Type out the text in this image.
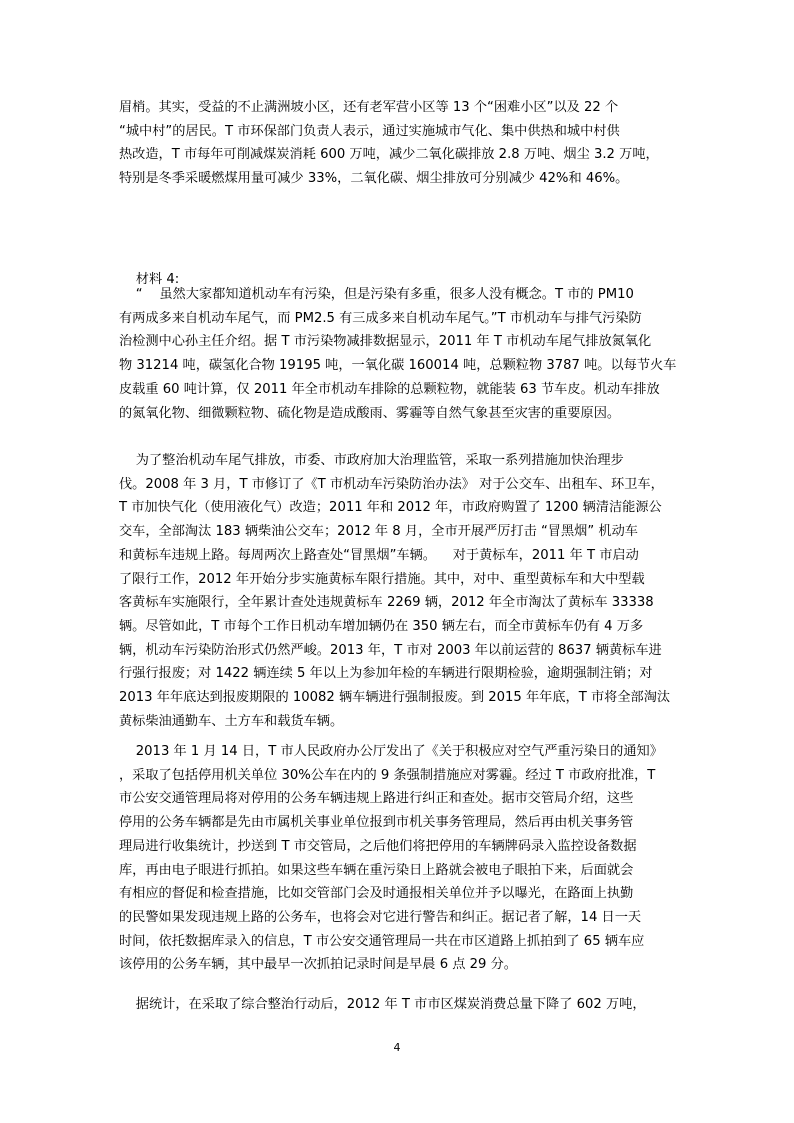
眉梢。其实，受益的不止满洲坡小区，还有老军营小区等 13 个“困难小区”以及 22 个
“城中村”的居民。T 市环保部门负责人表示，通过实施城市气化、集中供热和城中村供
热改造，T 市每年可削减煤炭消耗 600 万吨，减少二氧化碳排放 2.8 万吨、烟尘 3.2 万吨，
特别是冬季采暖燃煤用量可减少 33%，二氧化碳、烟尘排放可分别减少 42%和 46%。

材料 4:

“    虽然大家都知道机动车有污染，但是污染有多重，很多人没有概念。T 市的 PM10
有两成多来自机动车尾气，而 PM2.5 有三成多来自机动车尾气。”T 市机动车与排气污染防
治检测中心孙主任介绍。据 T 市污染物减排数据显示，2011 年 T 市机动车尾气排放氮氧化
物 31214 吨，碳氢化合物 19195 吨，一氧化碳 160014 吨，总颗粒物 3787 吨。以每节火车
皮载重 60 吨计算，仅 2011 年全市机动车排除的总颗粒物，就能装 63 节车皮。机动车排放
的氮氧化物、细微颗粒物、硫化物是造成酸雨、雾霾等自然气象甚至灾害的重要原因。
为了整治机动车尾气排放，市委、市政府加大治理监管，采取一系列措施加快治理步
伐。2008 年 3 月，T 市修订了《T 市机动车污染防治办法》 对于公交车、出租车、环卫车，
T 市加快气化（使用液化气）改造；2011 年和 2012 年，市政府购置了 1200 辆清洁能源公
交车，全部淘汰 183 辆柴油公交车；2012 年 8 月，全市开展严厉打击 “冒黑烟” 机动车
和黄标车违规上路。每周两次上路查处“冒黑烟”车辆。    对于黄标车，2011 年 T 市启动
了限行工作，2012 年开始分步实施黄标车限行措施。其中，对中、重型黄标车和大中型载
客黄标车实施限行，全年累计查处违规黄标车 2269 辆，2012 年全市淘汰了黄标车 33338
辆。尽管如此，T 市每个工作日机动车增加辆仍在 350 辆左右，而全市黄标车仍有 4 万多
辆，机动车污染防治形式仍然严峻。2013 年，T 市对 2003 年以前运营的 8637 辆黄标车进
行强行报废；对 1422 辆连续 5 年以上为参加年检的车辆进行限期检验，逾期强制注销；对
2013 年年底达到报废期限的 10082 辆车辆进行强制报废。到 2015 年年底，T 市将全部淘汰
黄标柴油通勤车、土方车和载货车辆。
2013 年 1 月 14 日，T 市人民政府办公厅发出了《关于积极应对空气严重污染日的通知》
，采取了包括停用机关单位 30%公车在内的 9 条强制措施应对雾霾。经过 T 市政府批准，T
市公安交通管理局将对停用的公务车辆违规上路进行纠正和查处。据市交管局介绍，这些
停用的公务车辆都是先由市属机关事业单位报到市机关事务管理局，然后再由机关事务管
理局进行收集统计，抄送到 T 市交管局，之后他们将把停用的车辆牌码录入监控设备数据
库，再由电子眼进行抓拍。如果这些车辆在重污染日上路就会被电子眼拍下来，后面就会
有相应的督促和检查措施，比如交管部门会及时通报相关单位并予以曝光，在路面上执勤
的民警如果发现违规上路的公务车，也将会对它进行警告和纠正。据记者了解，14 日一天
时间，依托数据库录入的信息，T 市公安交通管理局一共在市区道路上抓拍到了 65 辆车应
该停用的公务车辆，其中最早一次抓拍记录时间是早晨 6 点 29 分。
据统计，在采取了综合整治行动后，2012 年 T 市市区煤炭消费总量下降了 602 万吨，
4
